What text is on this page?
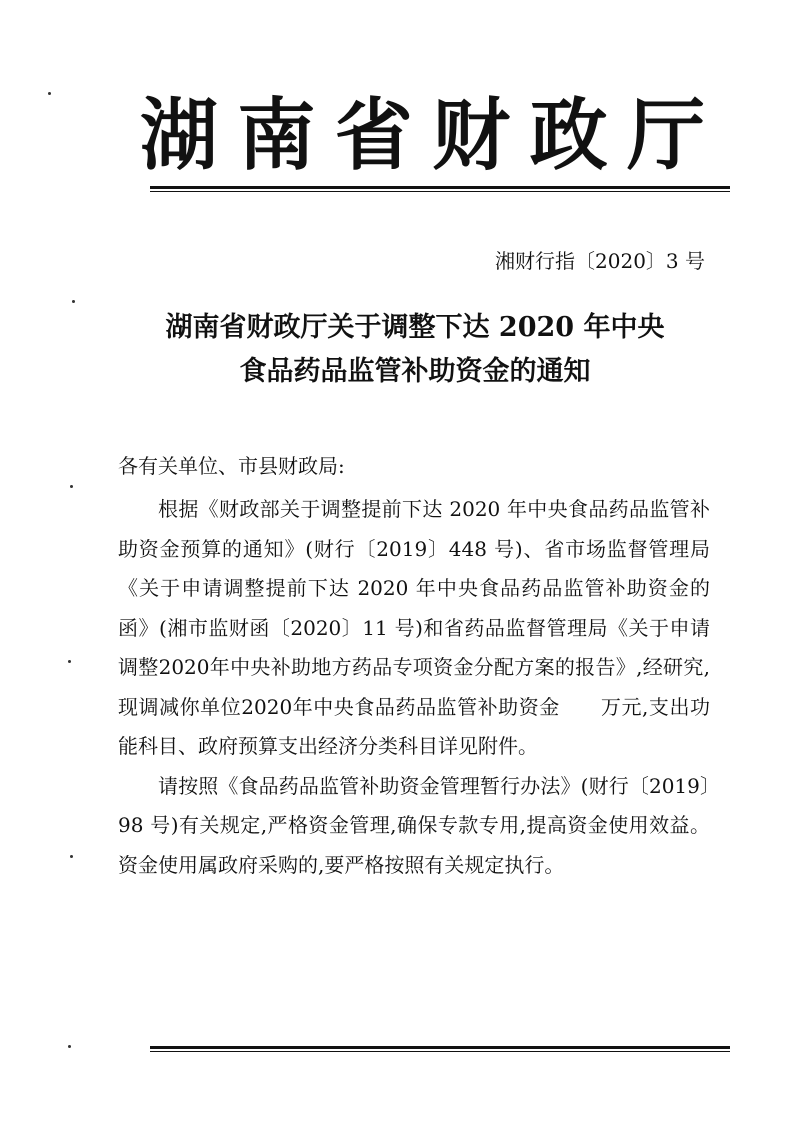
湖 南 省 财 政 厅
湘财行指〔2020〕3 号
湖南省财政厅关于调整下达 2020 年中央
食品药品监管补助资金的通知
各有关单位、市县财政局:

根据《财政部关于调整提前下达 2020 年中央食品药品监管补助资金预算的通知》(财行〔2019〕448 号)、省市场监督管理局《关于申请调整提前下达 2020 年中央食品药品监管补助资金的函》(湘市监财函〔2020〕11 号)和省药品监督管理局《关于申请调整2020年中央补助地方药品专项资金分配方案的报告》,经研究,现调减你单位2020年中央食品药品监管补助资金　　万元,支出功能科目、政府预算支出经济分类科目详见附件。

请按照《食品药品监管补助资金管理暂行办法》(财行〔2019〕98 号)有关规定,严格资金管理,确保专款专用,提高资金使用效益。资金使用属政府采购的,要严格按照有关规定执行。
